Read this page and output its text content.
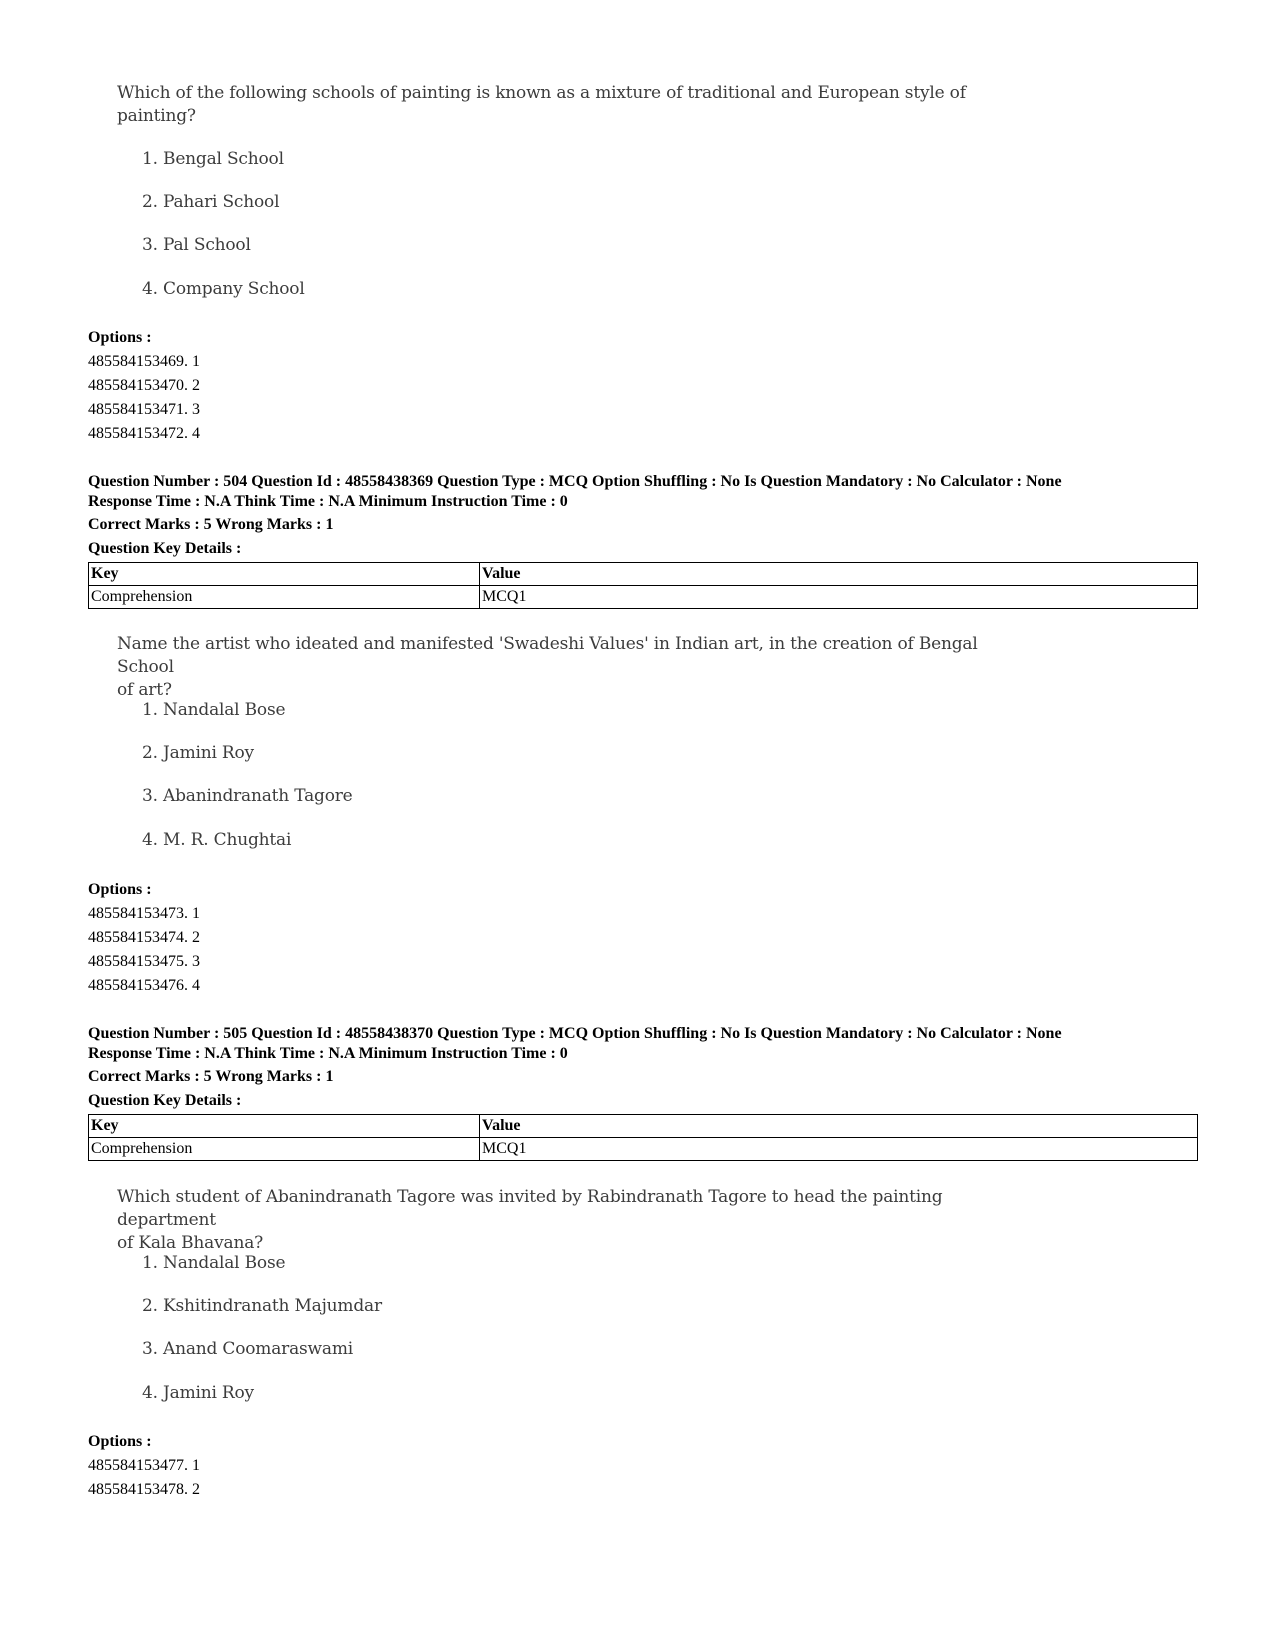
Which of the following schools of painting is known as a mixture of traditional and European style of
painting?
1. Bengal School
2. Pahari School
3. Pal School
4. Company School
Options :
485584153469. 1
485584153470. 2
485584153471. 3
485584153472. 4
Question Number : 504 Question Id : 48558438369 Question Type : MCQ Option Shuffling : No Is Question Mandatory : No Calculator : None
Response Time : N.A Think Time : N.A Minimum Instruction Time : 0
Correct Marks : 5 Wrong Marks : 1
Question Key Details :
Key	Value
Comprehension	MCQ1
Name the artist who ideated and manifested 'Swadeshi Values' in Indian art, in the creation of Bengal School
of art?
1. Nandalal Bose
2. Jamini Roy
3. Abanindranath Tagore
4. M. R. Chughtai
Options :
485584153473. 1
485584153474. 2
485584153475. 3
485584153476. 4
Question Number : 505 Question Id : 48558438370 Question Type : MCQ Option Shuffling : No Is Question Mandatory : No Calculator : None
Response Time : N.A Think Time : N.A Minimum Instruction Time : 0
Correct Marks : 5 Wrong Marks : 1
Question Key Details :
Key	Value
Comprehension	MCQ1
Which student of Abanindranath Tagore was invited by Rabindranath Tagore to head the painting department
of Kala Bhavana?
1. Nandalal Bose
2. Kshitindranath Majumdar
3. Anand Coomaraswami
4. Jamini Roy
Options :
485584153477. 1
485584153478. 2
